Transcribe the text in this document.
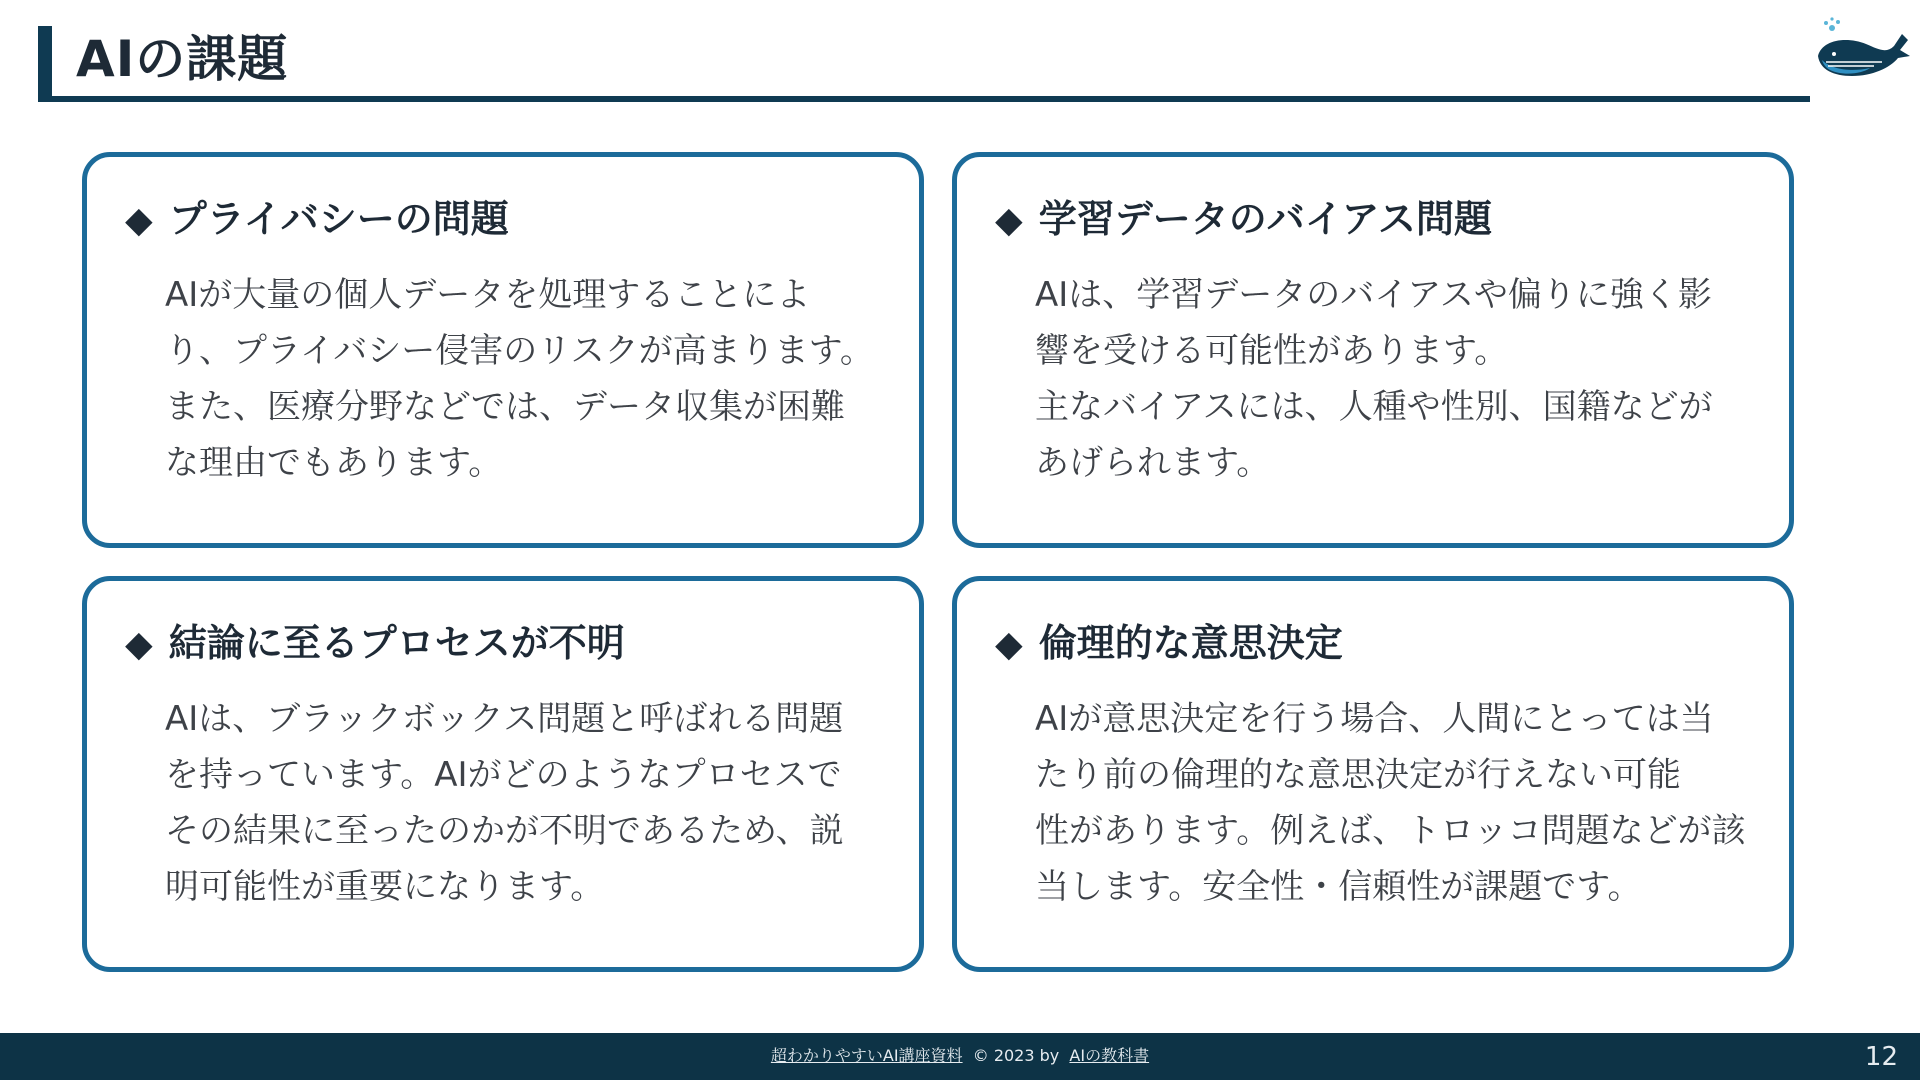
AIの課題
◆ プライバシーの問題
AIが大量の個人データを処理することによ
り、プライバシー侵害のリスクが高まります。
また、医療分野などでは、データ収集が困難
な理由でもあります。
◆ 学習データのバイアス問題
AIは、学習データのバイアスや偏りに強く影
響を受ける可能性があります。
主なバイアスには、人種や性別、国籍などが
あげられます。
◆ 結論に至るプロセスが不明
AIは、ブラックボックス問題と呼ばれる問題
を持っています。AIがどのようなプロセスで
その結果に至ったのかが不明であるため、説
明可能性が重要になります。
◆ 倫理的な意思決定
AIが意思決定を行う場合、人間にとっては当
たり前の倫理的な意思決定が行えない可能
性があります。例えば、トロッコ問題などが該
当します。安全性・信頼性が課題です。
超わかりやすいAI講座資料 © 2023 by AIの教科書	12
